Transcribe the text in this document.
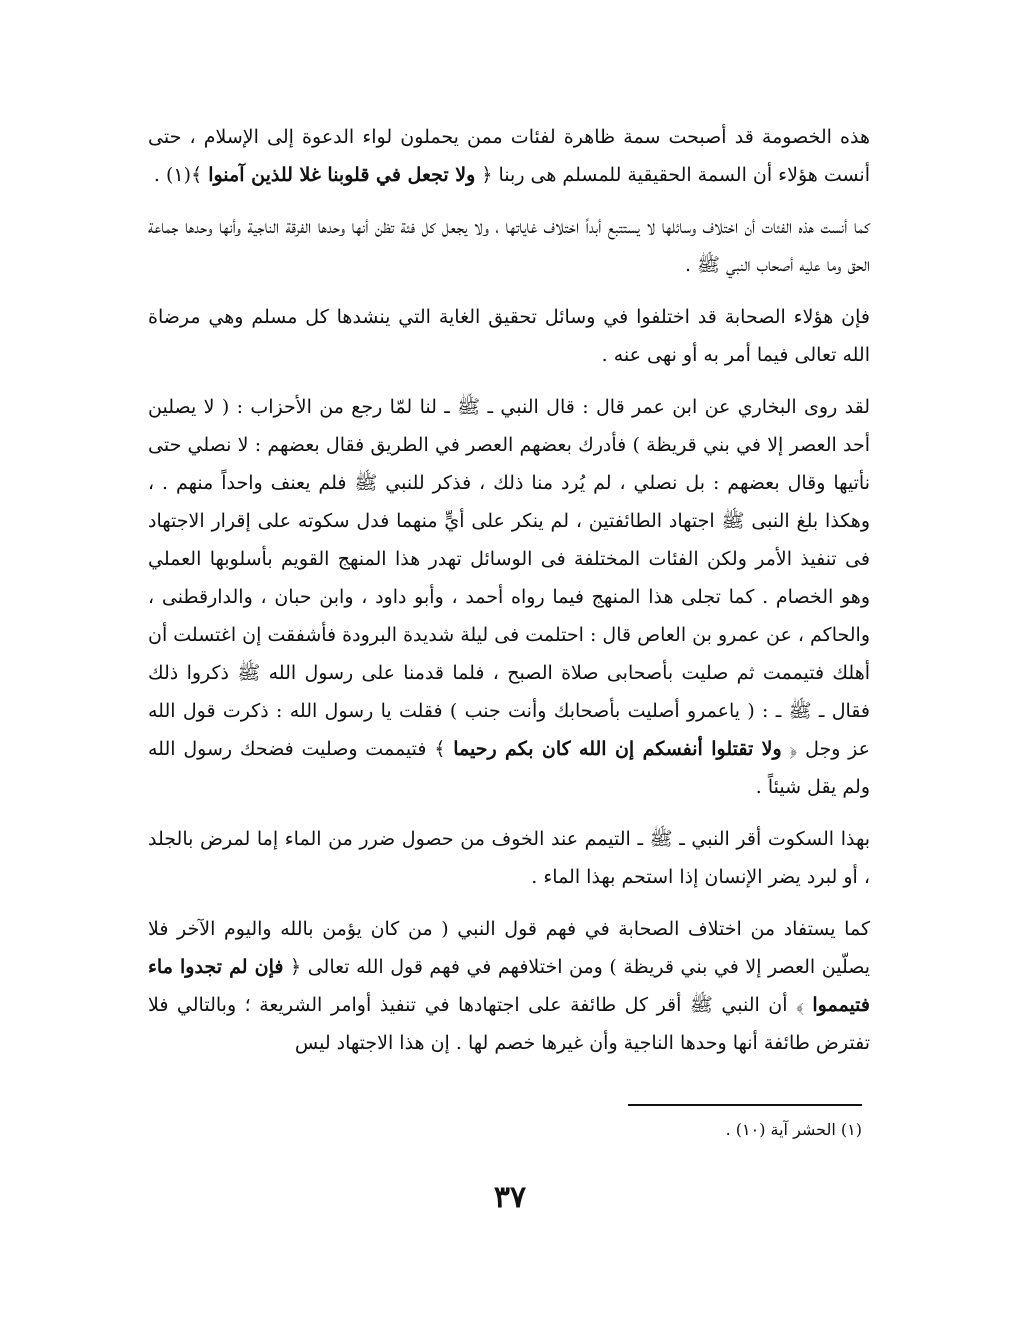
هذه الخصومة قد أصبحت سمة ظاهرة لفئات ممن يحملون لواء الدعوة إلى الإسلام ، حتى أنست هؤلاء أن السمة الحقيقية للمسلم هى ربنا ﴿ ولا تجعل في قلوبنا غلا للذين آمنوا ﴾(١) .

كما أنست هذه الفئات أن اختلاف وسائلها لا يستتبع أبداً اختلاف غاياتها ، ولا يجعل كل فئة تظن أنها وحدها الفرقة الناجية وأنها وحدها جماعة الحق وما عليه أصحاب النبي ﷺ .

فإن هؤلاء الصحابة قد اختلفوا في وسائل تحقيق الغاية التي ينشدها كل مسلم وهي مرضاة الله تعالى فيما أمر به أو نهى عنه .

لقد روى البخاري عن ابن عمر قال : قال النبي ـ ﷺ ـ لنا لمّا رجع من الأحزاب : ( لا يصلين أحد العصر إلا في بني قريظة ) فأدرك بعضهم العصر في الطريق فقال بعضهم : لا نصلي حتى نأتيها وقال بعضهم : بل نصلي ، لم يُرد منا ذلك ، فذكر للنبي ﷺ فلم يعنف واحداً منهم . ، وهكذا بلغ النبى ﷺ اجتهاد الطائفتين ، لم ينكر على أيٍّ منهما فدل سكوته على إقرار الاجتهاد فى تنفيذ الأمر ولكن الفئات المختلفة فى الوسائل تهدر هذا المنهج القويم بأسلوبها العملي وهو الخصام . كما تجلى هذا المنهج فيما رواه أحمد ، وأبو داود ، وابن حبان ، والدارقطنى ، والحاكم ، عن عمرو بن العاص قال : احتلمت فى ليلة شديدة البرودة فأشفقت إن اغتسلت أن أهلك فتيممت ثم صليت بأصحابى صلاة الصبح ، فلما قدمنا على رسول الله ﷺ ذكروا ذلك فقال ـ ﷺ ـ : ( ياعمرو أصليت بأصحابك وأنت جنب ) فقلت يا رسول الله : ذكرت قول الله عز وجل ﴿ ولا تقتلوا أنفسكم إن الله كان بكم رحيما ﴾ فتيممت وصليت فضحك رسول الله ولم يقل شيئاً .

بهذا السكوت أقر النبي ـ ﷺ ـ التيمم عند الخوف من حصول ضرر من الماء إما لمرض بالجلد ، أو لبرد يضر الإنسان إذا استحم بهذا الماء .

كما يستفاد من اختلاف الصحابة في فهم قول النبي ( من كان يؤمن بالله واليوم الآخر فلا يصلّين العصر إلا في بني قريظة ) ومن اختلافهم في فهم قول الله تعالى ﴿ فإن لم تجدوا ماء فتيمموا ﴾ أن النبي ﷺ أقر كل طائفة على اجتهادها في تنفيذ أوامر الشريعة ؛ وبالتالي فلا تفترض طائفة أنها وحدها الناجية وأن غيرها خصم لها . إن هذا الاجتهاد ليس

(١) الحشر آية (١٠) .
٣٧
